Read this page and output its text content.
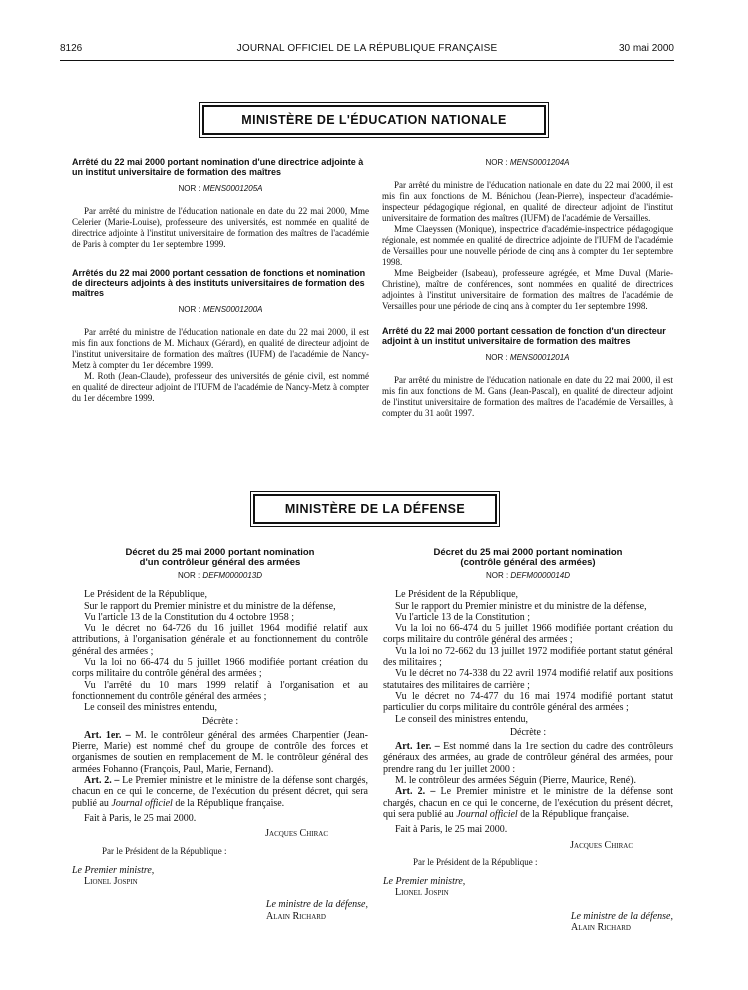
8126	JOURNAL OFFICIEL DE LA RÉPUBLIQUE FRANÇAISE	30 mai 2000
MINISTÈRE DE L'ÉDUCATION NATIONALE
Arrêté du 22 mai 2000 portant nomination d'une directrice adjointe à un institut universitaire de formation des maîtres
NOR : MENS0001205A

Par arrêté du ministre de l'éducation nationale en date du 22 mai 2000, Mme Celerier (Marie-Louise), professeure des universités, est nommée en qualité de directrice adjointe à l'institut universitaire de formation des maîtres de l'académie de Paris à compter du 1er septembre 1999.

Arrêtés du 22 mai 2000 portant cessation de fonctions et nomination de directeurs adjoints à des instituts universitaires de formation des maîtres
NOR : MENS0001200A

Par arrêté du ministre de l'éducation nationale en date du 22 mai 2000, il est mis fin aux fonctions de M. Michaux (Gérard), en qualité de directeur adjoint de l'institut universitaire de formation des maîtres (IUFM) de l'académie de Nancy-Metz à compter du 1er décembre 1999.

M. Roth (Jean-Claude), professeur des universités de génie civil, est nommé en qualité de directeur adjoint de l'IUFM de l'académie de Nancy-Metz à compter du 1er décembre 1999.

NOR : MENS0001204A

Par arrêté du ministre de l'éducation nationale en date du 22 mai 2000, il est mis fin aux fonctions de M. Bénichou (Jean-Pierre), inspecteur d'académie-inspecteur pédagogique régional, en qualité de directeur adjoint de l'institut universitaire de formation des maîtres (IUFM) de l'académie de Versailles.

Mme Claeyssen (Monique), inspectrice d'académie-inspectrice pédagogique régionale, est nommée en qualité de directrice adjointe de l'IUFM de l'académie de Versailles pour une nouvelle période de cinq ans à compter du 1er septembre 1998.

Mme Beigbeider (Isabeau), professeure agrégée, et Mme Duval (Marie-Christine), maître de conférences, sont nommées en qualité de directrices adjointes à l'institut universitaire de formation des maîtres de l'académie de Versailles pour une période de cinq ans à compter du 1er septembre 1998.

Arrêté du 22 mai 2000 portant cessation de fonction d'un directeur adjoint à un institut universitaire de formation des maîtres
NOR : MENS0001201A

Par arrêté du ministre de l'éducation nationale en date du 22 mai 2000, il est mis fin aux fonctions de M. Gans (Jean-Pascal), en qualité de directeur adjoint de l'institut universitaire de formation des maîtres de l'académie de Versailles, à compter du 31 août 1997.

MINISTÈRE DE LA DÉFENSE
Décret du 25 mai 2000 portant nomination
d'un contrôleur général des armées
NOR : DEFM0000013D

Le Président de la République,

Sur le rapport du Premier ministre et du ministre de la défense,

Vu l'article 13 de la Constitution du 4 octobre 1958 ;

Vu le décret no 64-726 du 16 juillet 1964 modifié relatif aux attributions, à l'organisation générale et au fonctionnement du contrôle général des armées ;

Vu la loi no 66-474 du 5 juillet 1966 modifiée portant création du corps militaire du contrôle général des armées ;

Vu l'arrêté du 10 mars 1999 relatif à l'organisation et au fonctionnement du contrôle général des armées ;

Le conseil des ministres entendu,

Décrète :

Art. 1er. – M. le contrôleur général des armées Charpentier (Jean-Pierre, Marie) est nommé chef du groupe de contrôle des forces et organismes de soutien en remplacement de M. le contrôleur général des armées Fohanno (François, Paul, Marie, Fernand).

Art. 2. – Le Premier ministre et le ministre de la défense sont chargés, chacun en ce qui le concerne, de l'exécution du présent décret, qui sera publié au Journal officiel de la République française.

Fait à Paris, le 25 mai 2000.

Jacques Chirac
Par le Président de la République :
Le Premier ministre,
Lionel Jospin
Le ministre de la défense,
Alain Richard
Décret du 25 mai 2000 portant nomination
(contrôle général des armées)
NOR : DEFM0000014D

Le Président de la République,

Sur le rapport du Premier ministre et du ministre de la défense,

Vu l'article 13 de la Constitution ;

Vu la loi no 66-474 du 5 juillet 1966 modifiée portant création du corps militaire du contrôle général des armées ;

Vu la loi no 72-662 du 13 juillet 1972 modifiée portant statut général des militaires ;

Vu le décret no 74-338 du 22 avril 1974 modifié relatif aux positions statutaires des militaires de carrière ;

Vu le décret no 74-477 du 16 mai 1974 modifié portant statut particulier du corps militaire du contrôle général des armées ;

Le conseil des ministres entendu,

Décrète :

Art. 1er. – Est nommé dans la 1re section du cadre des contrôleurs généraux des armées, au grade de contrôleur général des armées, pour prendre rang du 1er juillet 2000 :

M. le contrôleur des armées Séguin (Pierre, Maurice, René).

Art. 2. – Le Premier ministre et le ministre de la défense sont chargés, chacun en ce qui le concerne, de l'exécution du présent décret, qui sera publié au Journal officiel de la République française.

Fait à Paris, le 25 mai 2000.

Jacques Chirac
Par le Président de la République :
Le Premier ministre,
Lionel Jospin
Le ministre de la défense,
Alain Richard
